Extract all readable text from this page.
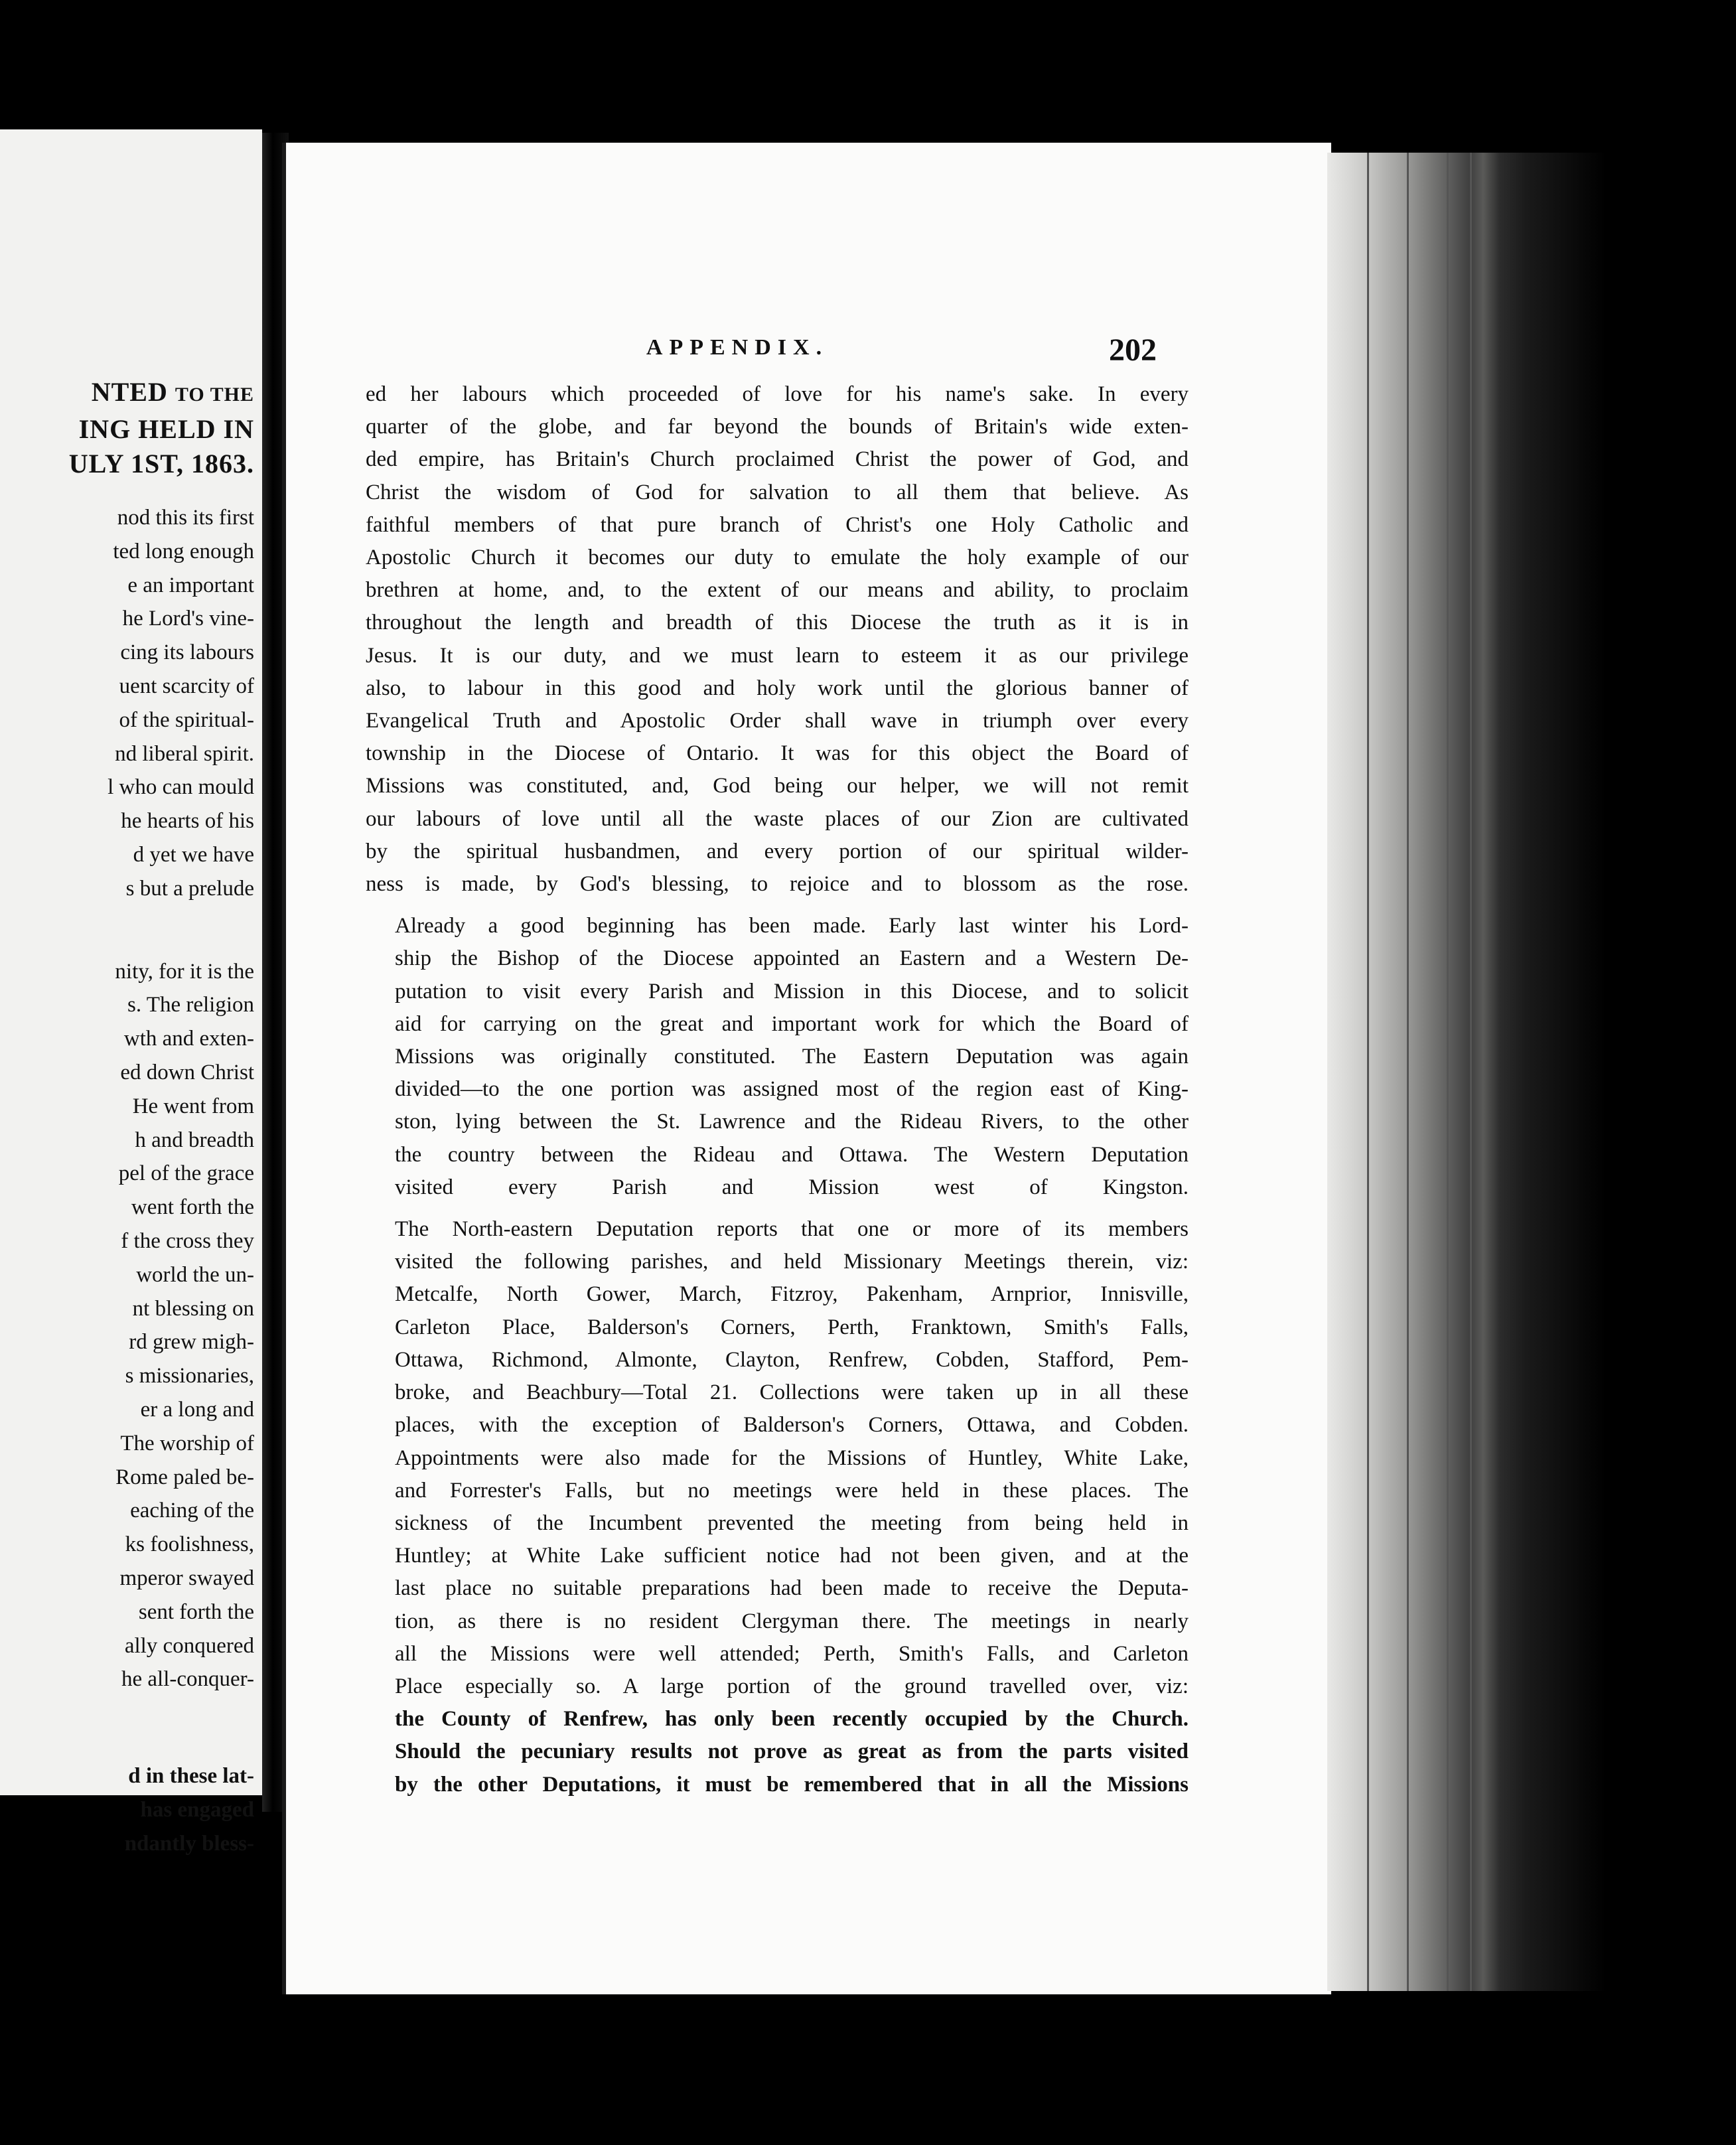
NTED TO THE
ING HELD IN
ULY 1ST, 1863.
nod this its first
ted long enough
e an important
he Lord's vine-
cing its labours
uent scarcity of
of the spiritual-
nd liberal spirit.
l who can mould
he hearts of his
d yet we have
s but a prelude
nity, for it is the
s. The religion
wth and exten-
ed down Christ
He went from
h and breadth
pel of the grace
went forth the
f the cross they
world the un-
nt blessing on
rd grew migh-
s missionaries,
er a long and
The worship of
Rome paled be-
eaching of the
ks foolishness,
mperor swayed
sent forth the
ally conquered
he all-conquer-
d in these lat-
has engaged
ndantly bless-
APPENDIX.	202

ed her labours which proceeded of love for his name's sake. In every
quarter of the globe, and far beyond the bounds of Britain's wide exten-
ded empire, has Britain's Church proclaimed Christ the power of God, and
Christ the wisdom of God for salvation to all them that believe. As
faithful members of that pure branch of Christ's one Holy Catholic and
Apostolic Church it becomes our duty to emulate the holy example of our
brethren at home, and, to the extent of our means and ability, to proclaim
throughout the length and breadth of this Diocese the truth as it is in
Jesus. It is our duty, and we must learn to esteem it as our privilege
also, to labour in this good and holy work until the glorious banner of
Evangelical Truth and Apostolic Order shall wave in triumph over every
township in the Diocese of Ontario. It was for this object the Board of
Missions was constituted, and, God being our helper, we will not remit
our labours of love until all the waste places of our Zion are cultivated
by the spiritual husbandmen, and every portion of our spiritual wilder-
ness is made, by God's blessing, to rejoice and to blossom as the rose.

Already a good beginning has been made. Early last winter his Lord-
ship the Bishop of the Diocese appointed an Eastern and a Western De-
putation to visit every Parish and Mission in this Diocese, and to solicit
aid for carrying on the great and important work for which the Board of
Missions was originally constituted. The Eastern Deputation was again
divided—to the one portion was assigned most of the region east of King-
ston, lying between the St. Lawrence and the Rideau Rivers, to the other
the country between the Rideau and Ottawa. The Western Deputation
visited every Parish and Mission west of Kingston.

The North-eastern Deputation reports that one or more of its members
visited the following parishes, and held Missionary Meetings therein, viz:
Metcalfe, North Gower, March, Fitzroy, Pakenham, Arnprior, Innisville,
Carleton Place, Balderson's Corners, Perth, Franktown, Smith's Falls,
Ottawa, Richmond, Almonte, Clayton, Renfrew, Cobden, Stafford, Pem-
broke, and Beachbury—Total 21. Collections were taken up in all these
places, with the exception of Balderson's Corners, Ottawa, and Cobden.
Appointments were also made for the Missions of Huntley, White Lake,
and Forrester's Falls, but no meetings were held in these places. The
sickness of the Incumbent prevented the meeting from being held in
Huntley; at White Lake sufficient notice had not been given, and at the
last place no suitable preparations had been made to receive the Deputa-
tion, as there is no resident Clergyman there. The meetings in nearly
all the Missions were well attended; Perth, Smith's Falls, and Carleton
Place especially so. A large portion of the ground travelled over, viz:
the County of Renfrew, has only been recently occupied by the Church.
Should the pecuniary results not prove as great as from the parts visited
by the other Deputations, it must be remembered that in all the Missions
